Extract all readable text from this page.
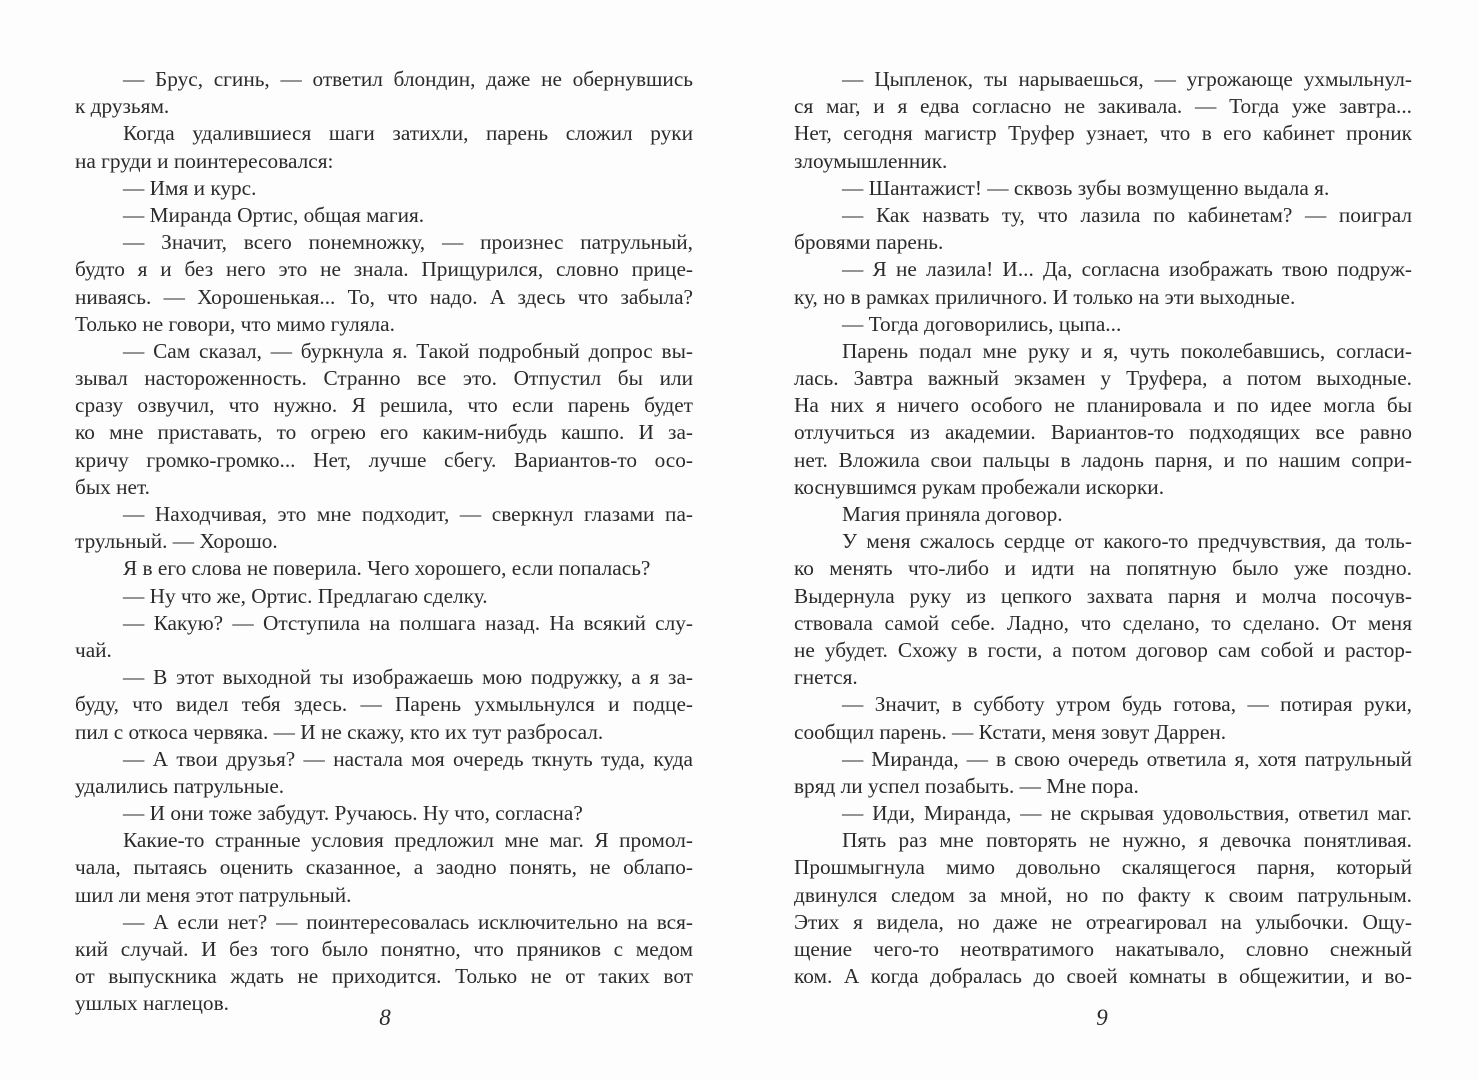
— Брус, сгинь, — ответил блондин, даже не обернувшись
к друзьям.
Когда удалившиеся шаги затихли, парень сложил руки
на груди и поинтересовался:
— Имя и курс.
— Миранда Ортис, общая магия.
— Значит, всего понемножку, — произнес патрульный,
будто я и без него это не знала. Прищурился, словно прице-
ниваясь. — Хорошенькая... То, что надо. А здесь что забыла?
Только не говори, что мимо гуляла.
— Сам сказал, — буркнула я. Такой подробный допрос вы-
зывал настороженность. Странно все это. Отпустил бы или
сразу озвучил, что нужно. Я решила, что если парень будет
ко мне приставать, то огрею его каким-нибудь кашпо. И за-
кричу громко-громко... Нет, лучше сбегу. Вариантов-то осо-
бых нет.
— Находчивая, это мне подходит, — сверкнул глазами па-
трульный. — Хорошо.
Я в его слова не поверила. Чего хорошего, если попалась?
— Ну что же, Ортис. Предлагаю сделку.
— Какую? — Отступила на полшага назад. На всякий слу-
чай.
— В этот выходной ты изображаешь мою подружку, а я за-
буду, что видел тебя здесь. — Парень ухмыльнулся и подце-
пил с откоса червяка. — И не скажу, кто их тут разбросал.
— А твои друзья? — настала моя очередь ткнуть туда, куда
удалились патрульные.
— И они тоже забудут. Ручаюсь. Ну что, согласна?
Какие-то странные условия предложил мне маг. Я промол-
чала, пытаясь оценить сказанное, а заодно понять, не облапо-
шил ли меня этот патрульный.
— А если нет? — поинтересовалась исключительно на вся-
кий случай. И без того было понятно, что пряников с медом
от выпускника ждать не приходится. Только не от таких вот
ушлых наглецов.
— Цыпленок, ты нарываешься, — угрожающе ухмыльнул-
ся маг, и я едва согласно не закивала. — Тогда уже завтра...
Нет, сегодня магистр Труфер узнает, что в его кабинет проник
злоумышленник.
— Шантажист! — сквозь зубы возмущенно выдала я.
— Как назвать ту, что лазила по кабинетам? — поиграл
бровями парень.
— Я не лазила! И... Да, согласна изображать твою подруж-
ку, но в рамках приличного. И только на эти выходные.
— Тогда договорились, цыпа...
Парень подал мне руку и я, чуть поколебавшись, согласи-
лась. Завтра важный экзамен у Труфера, а потом выходные.
На них я ничего особого не планировала и по идее могла бы
отлучиться из академии. Вариантов-то подходящих все равно
нет. Вложила свои пальцы в ладонь парня, и по нашим сопри-
коснувшимся рукам пробежали искорки.
Магия приняла договор.
У меня сжалось сердце от какого-то предчувствия, да толь-
ко менять что-либо и идти на попятную было уже поздно.
Выдернула руку из цепкого захвата парня и молча посочув-
ствовала самой себе. Ладно, что сделано, то сделано. От меня
не убудет. Схожу в гости, а потом договор сам собой и растор-
гнется.
— Значит, в субботу утром будь готова, — потирая руки,
сообщил парень. — Кстати, меня зовут Даррен.
— Миранда, — в свою очередь ответила я, хотя патрульный
вряд ли успел позабыть. — Мне пора.
— Иди, Миранда, — не скрывая удовольствия, ответил маг.
Пять раз мне повторять не нужно, я девочка понятливая.
Прошмыгнула мимо довольно скалящегося парня, который
двинулся следом за мной, но по факту к своим патрульным.
Этих я видела, но даже не отреагировал на улыбочки. Ощу-
щение чего-то неотвратимого накатывало, словно снежный
ком. А когда добралась до своей комнаты в общежитии, и во-
8	9
